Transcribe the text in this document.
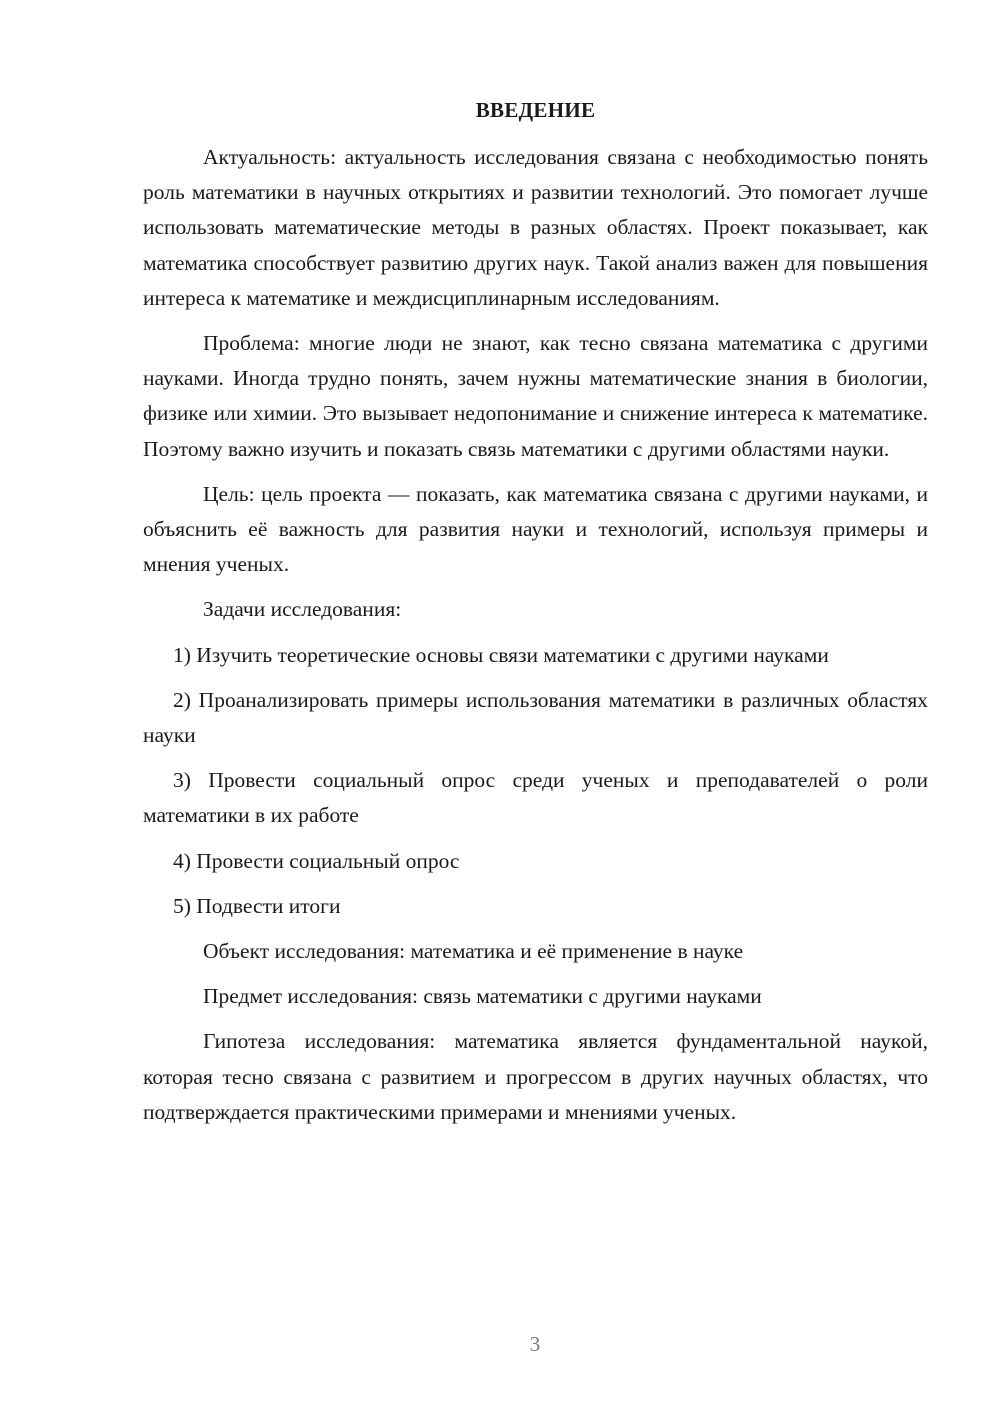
ВВЕДЕНИЕ

Актуальность: актуальность исследования связана с необходимостью понять роль математики в научных открытиях и развитии технологий. Это помогает лучше использовать математические методы в разных областях. Проект показывает, как математика способствует развитию других наук. Такой анализ важен для повышения интереса к математике и междисциплинарным исследованиям.

Проблема: многие люди не знают, как тесно связана математика с другими науками. Иногда трудно понять, зачем нужны математические знания в биологии, физике или химии. Это вызывает недопонимание и снижение интереса к математике. Поэтому важно изучить и показать связь математики с другими областями науки.

Цель: цель проекта — показать, как математика связана с другими науками, и объяснить её важность для развития науки и технологий, используя примеры и мнения ученых.

Задачи исследования:

1) Изучить теоретические основы связи математики с другими науками

2) Проанализировать примеры использования математики в различных областях науки

3) Провести социальный опрос среди ученых и преподавателей о роли математики в их работе

4) Провести социальный опрос

5) Подвести итоги

Объект исследования: математика и её применение в науке

Предмет исследования: связь математики с другими науками

Гипотеза исследования: математика является фундаментальной наукой, которая тесно связана с развитием и прогрессом в других научных областях, что подтверждается практическими примерами и мнениями ученых.

3
